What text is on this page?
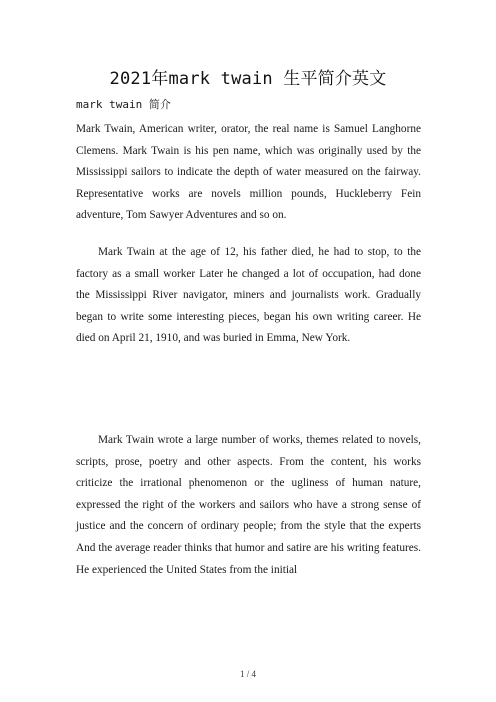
2021年mark twain 生平简介英文
mark twain 简介

Mark Twain, American writer, orator, the real name is Samuel Langhorne Clemens. Mark Twain is his pen name, which was originally used by the Mississippi sailors to indicate the depth of water measured on the fairway. Representative works are novels million pounds, Huckleberry Fein adventure, Tom Sawyer Adventures and so on.

Mark Twain at the age of 12, his father died, he had to stop, to the factory as a small worker Later he changed a lot of occupation, had done the Mississippi River navigator, miners and journalists work. Gradually began to write some interesting pieces, began his own writing career. He died on April 21, 1910, and was buried in Emma, New York.

Mark Twain wrote a large number of works, themes related to novels, scripts, prose, poetry and other aspects. From the content, his works criticize the irrational phenomenon or the ugliness of human nature, expressed the right of the workers and sailors who have a strong sense of justice and the concern of ordinary people; from the style that the experts And the average reader thinks that humor and satire are his writing features. He experienced the United States from the initial

1 / 4
